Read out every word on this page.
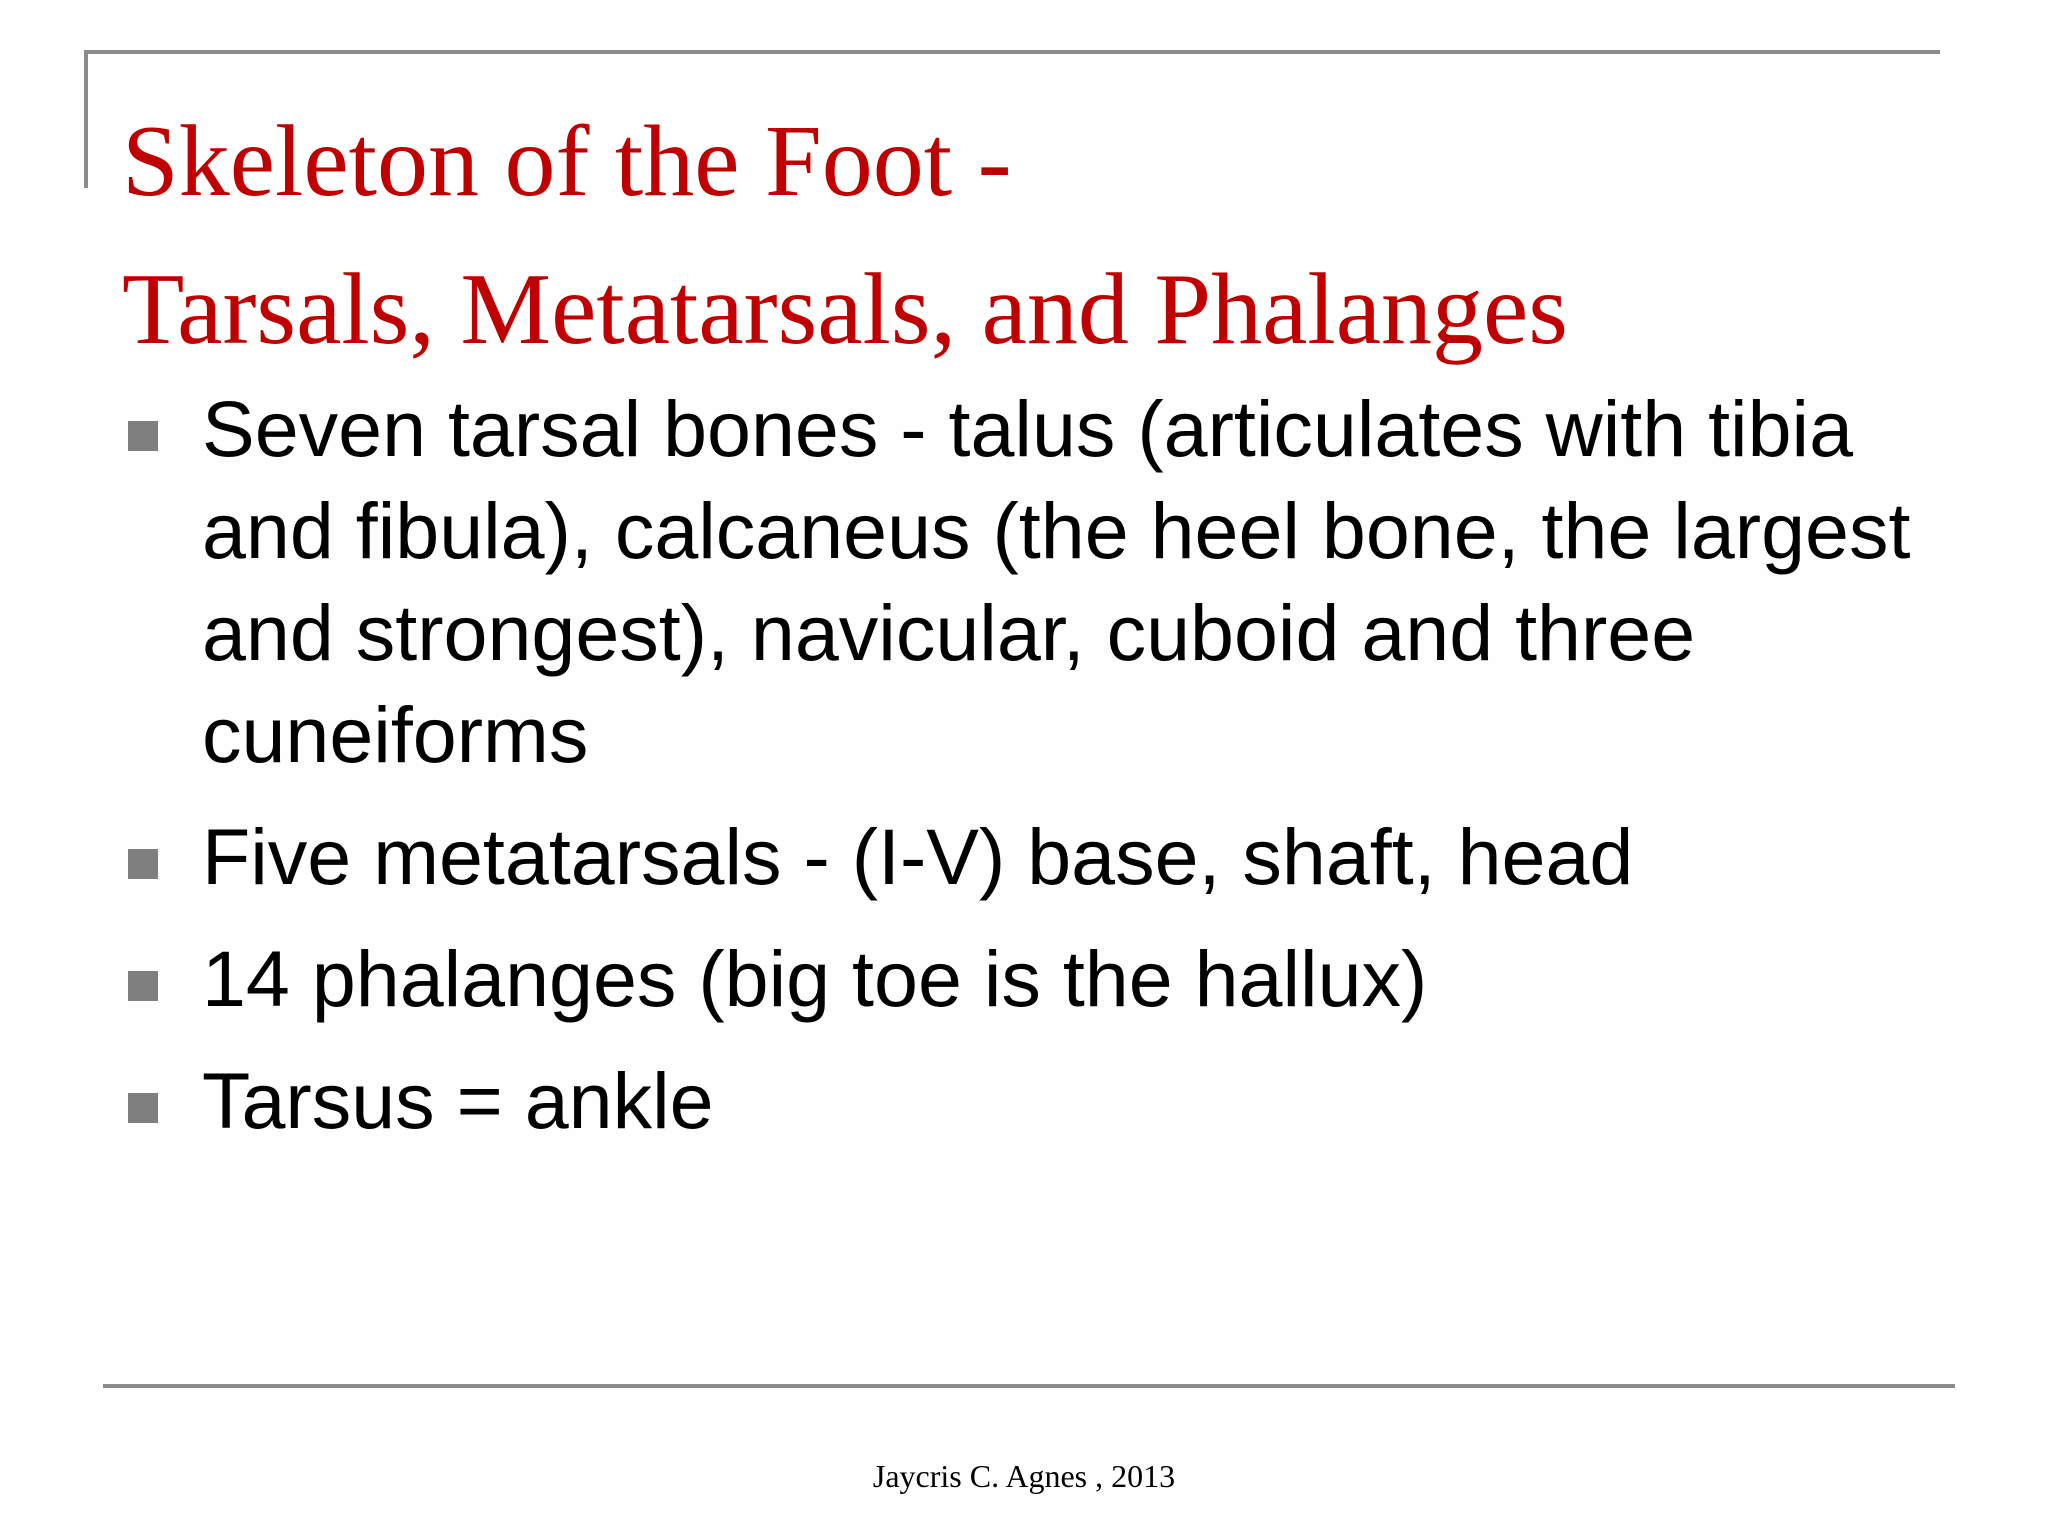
Skeleton of the Foot -
Tarsals, Metatarsals, and Phalanges
Seven tarsal bones - talus (articulates with tibia and fibula), calcaneus (the heel bone, the largest and strongest), navicular, cuboid and three cuneiforms
Five metatarsals - (I-V) base, shaft, head
14 phalanges (big toe is the hallux)
Tarsus = ankle
Jaycris C. Agnes , 2013
